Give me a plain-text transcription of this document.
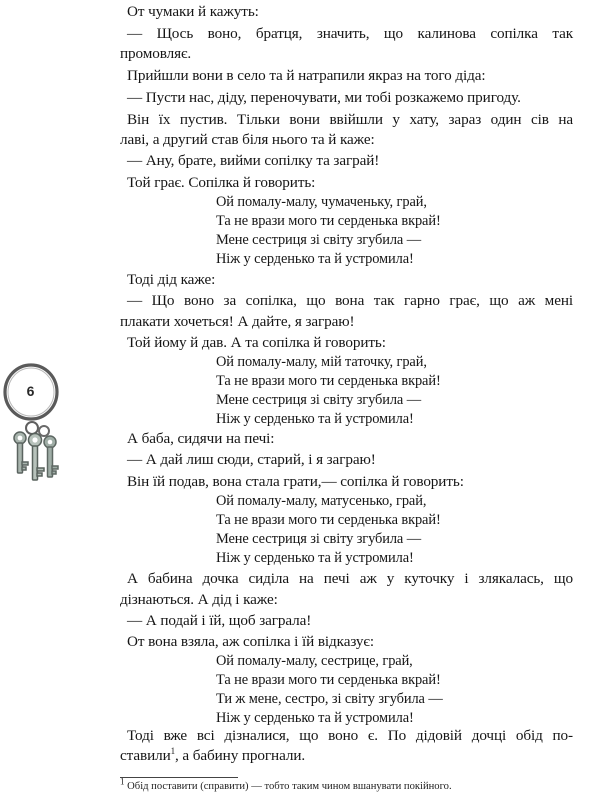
6
От чумаки й кажуть:
— Щось воно, братця, значить, що калинова сопілка так
промовляє.
Прийшли вони в село та й натрапили якраз на того діда:
— Пусти нас, діду, переночувати, ми тобі розкажемо пригоду.
Він їх пустив. Тільки вони ввійшли у хату, зараз один сів на
лаві, а другий став біля нього та й каже:
— Ану, брате, вийми сопілку та заграй!
Той грає. Сопілка й говорить:
Ой помалу-малу, чумаченьку, грай,
Та не врази мого ти серденька вкрай!
Мене сестриця зі світу згубила —
Ніж у серденько та й устромила!
Тоді дід каже:
— Що воно за сопілка, що вона так гарно грає, що аж мені
плакати хочеться! А дайте, я заграю!
Той йому й дав. А та сопілка й говорить:
Ой помалу-малу, мій таточку, грай,
Та не врази мого ти серденька вкрай!
Мене сестриця зі світу згубила —
Ніж у серденько та й устромила!
А баба, сидячи на печі:
— А дай лиш сюди, старий, і я заграю!
Він їй подав, вона стала грати,— сопілка й говорить:
Ой помалу-малу, матусенько, грай,
Та не врази мого ти серденька вкрай!
Мене сестриця зі світу згубила —
Ніж у серденько та й устромила!
А бабина дочка сиділа на печі аж у куточку і злякалась, що
дізнаються. А дід і каже:
— А подай і їй, щоб заграла!
От вона взяла, аж сопілка і їй відказує:
Ой помалу-малу, сестрице, грай,
Та не врази мого ти серденька вкрай!
Ти ж мене, сестро, зі світу згубила —
Ніж у серденько та й устромила!
Тоді вже всі дізналися, що воно є. По дідовій дочці обід по-
ставили$^1$, а бабину прогнали.
$^1$ Обід поставити (справити) — тобто таким чином вшанувати покійного.
